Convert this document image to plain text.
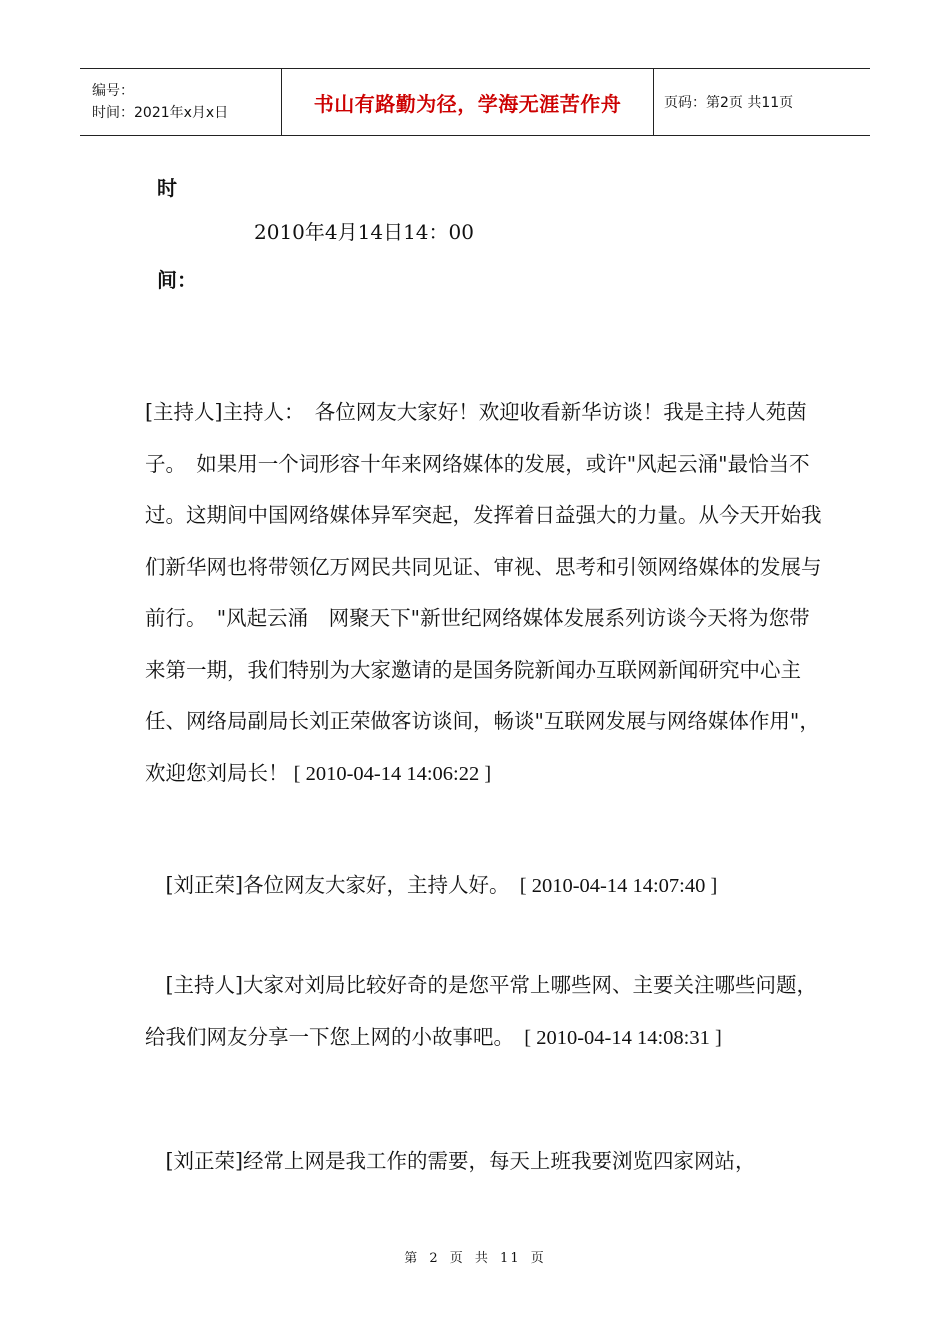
编号：
时间：2021年x月x日	书山有路勤为径，学海无涯苦作舟	页码：第2页 共11页
时
2010年4月14日14：00
间：

[主持人]主持人：　各位网友大家好！欢迎收看新华访谈！我是主持人苑茵子。　如果用一个词形容十年来网络媒体的发展，或许"风起云涌"最恰当不过。这期间中国网络媒体异军突起，发挥着日益强大的力量。从今天开始我们新华网也将带领亿万网民共同见证、审视、思考和引领网络媒体的发展与前行。　"风起云涌　网聚天下"新世纪网络媒体发展系列访谈今天将为您带来第一期，我们特别为大家邀请的是国务院新闻办互联网新闻研究中心主任、网络局副局长刘正荣做客访谈间，畅谈"互联网发展与网络媒体作用"，欢迎您刘局长！ [ 2010-04-14 14:06:22 ]

　[刘正荣]各位网友大家好，主持人好。　[ 2010-04-14 14:07:40 ]

　[主持人]大家对刘局比较好奇的是您平常上哪些网、主要关注哪些问题，给我们网友分享一下您上网的小故事吧。　[ 2010-04-14 14:08:31 ]

　[刘正荣]经常上网是我工作的需要，每天上班我要浏览四家网站，

第 2 页 共 11 页
